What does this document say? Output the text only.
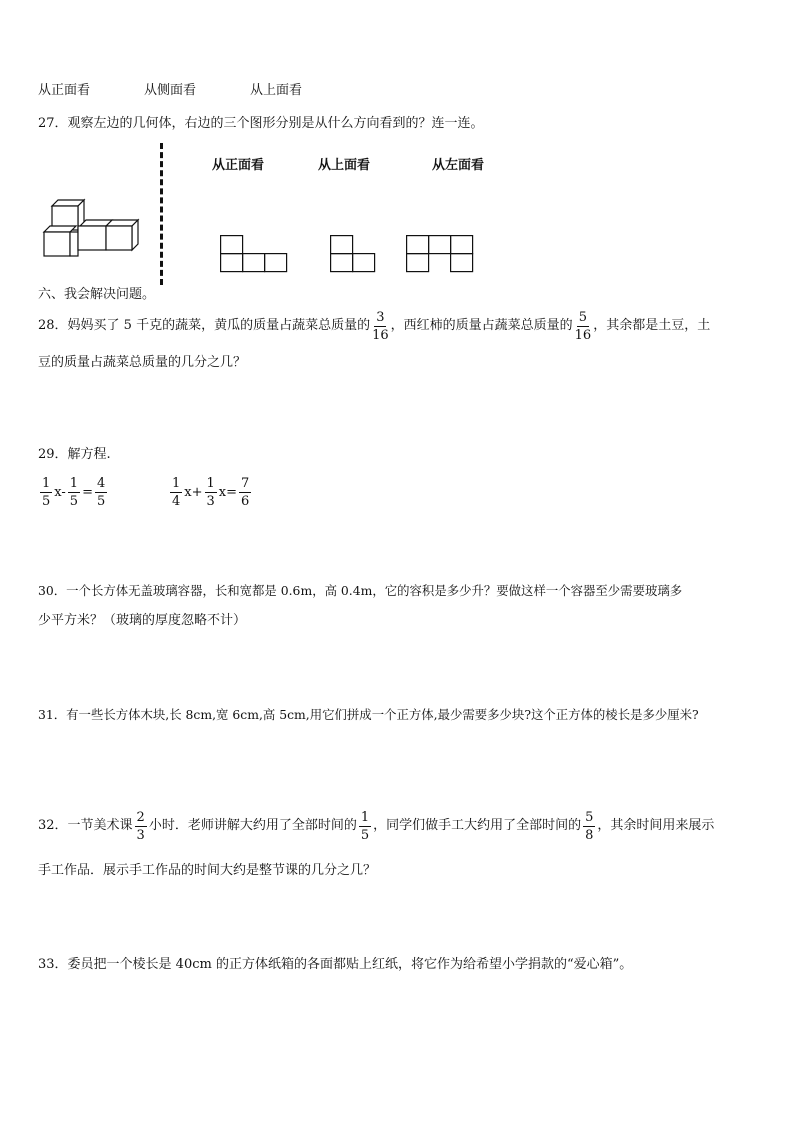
从正面看	从侧面看	从上面看
27．观察左边的几何体，右边的三个图形分别是从什么方向看到的？连一连。
从正面看	从上面看	从左面看
六、我会解决问题。
28．妈妈买了 5 千克的蔬菜，黄瓜的质量占蔬菜总质量的 $\frac{3}{16}$ ，西红柿的质量占蔬菜总质量的 $\frac{5}{16}$ ，其余都是土豆，土
豆的质量占蔬菜总质量的几分之几？
29．解方程.
$\frac{1}{5} x- \frac{1}{5} = \frac{4}{5}$	$\frac{1}{4} x+ \frac{1}{3} x= \frac{7}{6}$
30．一个长方体无盖玻璃容器，长和宽都是 0.6m，高 0.4m，它的容积是多少升？要做这样一个容器至少需要玻璃多
少平方米？（玻璃的厚度忽略不计）
31．有一些长方体木块,长 8cm,宽 6cm,高 5cm,用它们拼成一个正方体,最少需要多少块?这个正方体的棱长是多少厘米?
32．一节美术课 $\frac{2}{3}$ 小时．老师讲解大约用了全部时间的 $\frac{1}{5}$ ，同学们做手工大约用了全部时间的 $\frac{5}{8}$ ，其余时间用来展示
手工作品．展示手工作品的时间大约是整节课的几分之几？
33．委员把一个棱长是 40cm 的正方体纸箱的各面都贴上红纸，将它作为给希望小学捐款的“爱心箱”。
